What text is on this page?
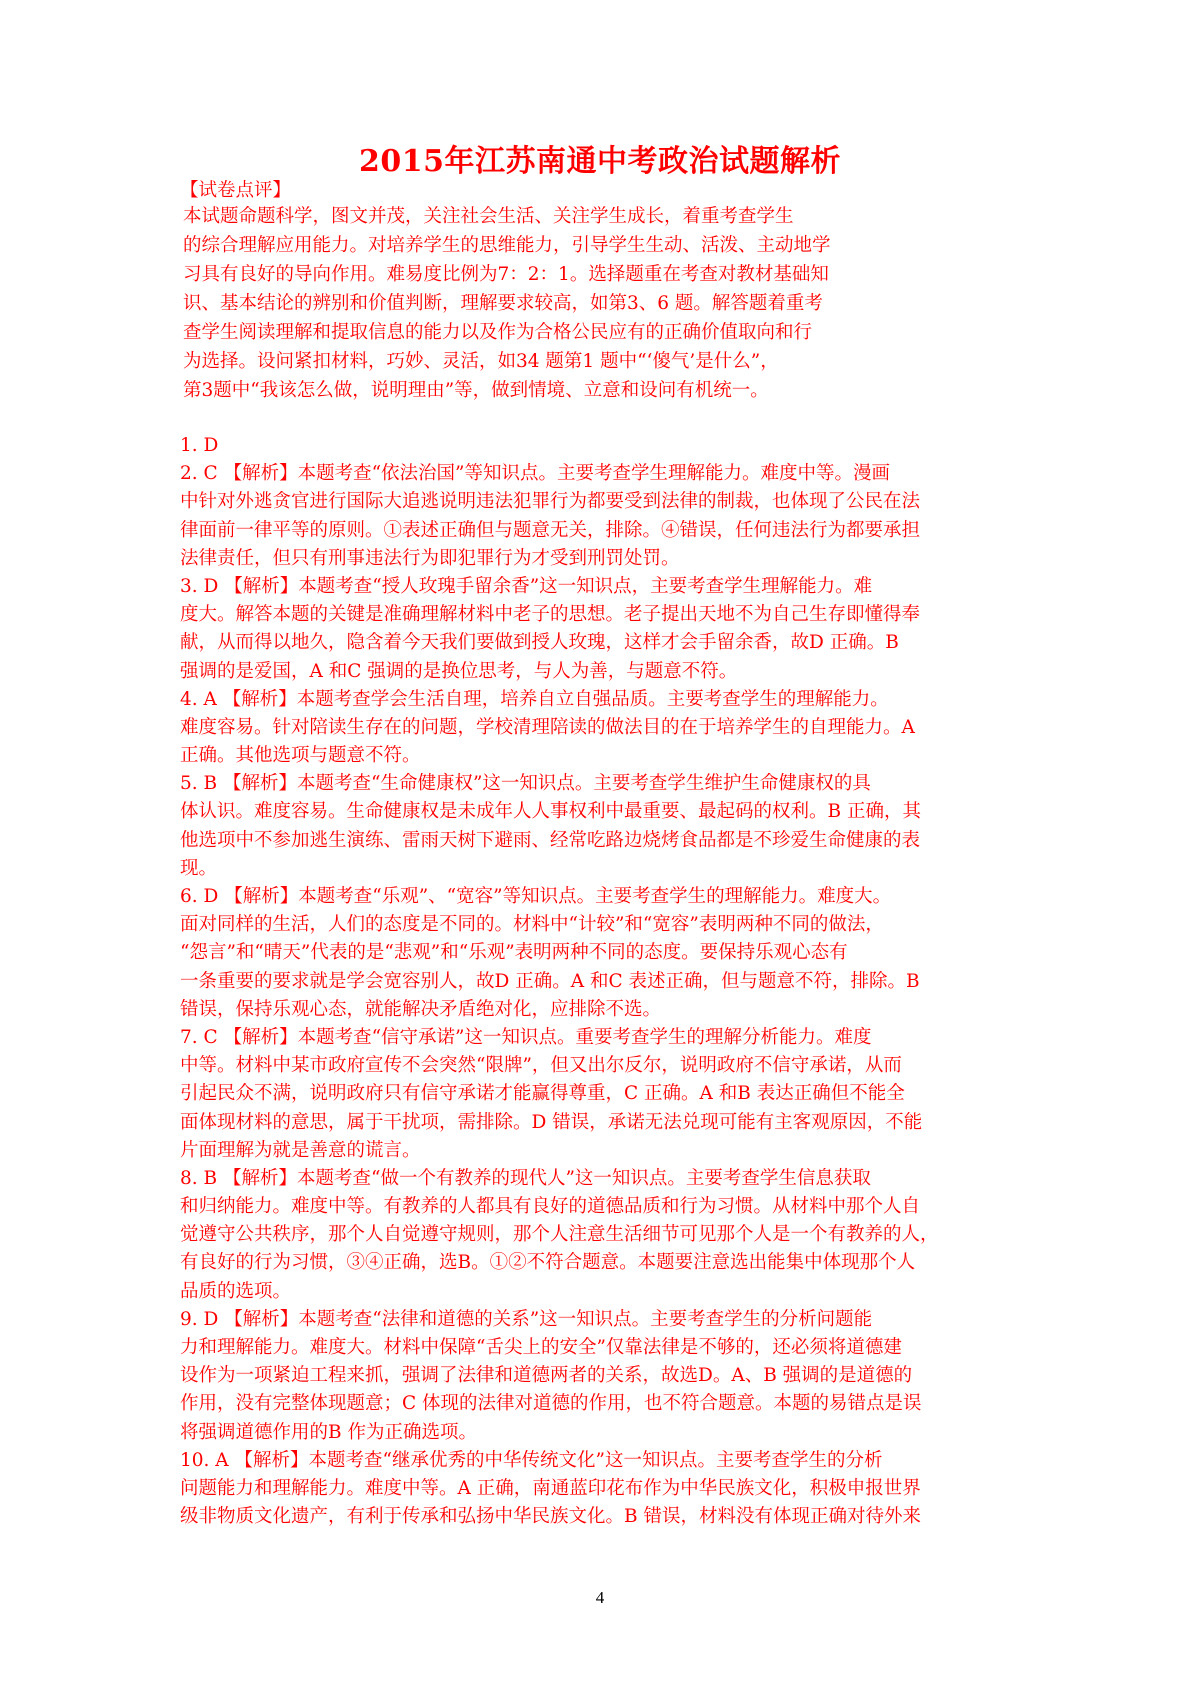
2015年江苏南通中考政治试题解析
【试卷点评】
本试题命题科学，图文并茂，关注社会生活、关注学生成长，着重考查学生
的综合理解应用能力。对培养学生的思维能力，引导学生生动、活泼、主动地学
习具有良好的导向作用。难易度比例为7：2：1。选择题重在考查对教材基础知
识、基本结论的辨别和价值判断，理解要求较高，如第3、6 题。解答题着重考
查学生阅读理解和提取信息的能力以及作为合格公民应有的正确价值取向和行
为选择。设问紧扣材料，巧妙、灵活，如34 题第1 题中“‘傻气’是什么”，
第3题中“我该怎么做，说明理由”等，做到情境、立意和设问有机统一。
1. D
2. C 【解析】本题考查“依法治国”等知识点。主要考查学生理解能力。难度中等。漫画
中针对外逃贪官进行国际大追逃说明违法犯罪行为都要受到法律的制裁，也体现了公民在法
律面前一律平等的原则。①表述正确但与题意无关，排除。④错误，任何违法行为都要承担
法律责任，但只有刑事违法行为即犯罪行为才受到刑罚处罚。
3. D 【解析】本题考查“授人玫瑰手留余香”这一知识点，主要考查学生理解能力。难
度大。解答本题的关键是准确理解材料中老子的思想。老子提出天地不为自己生存即懂得奉
献，从而得以地久，隐含着今天我们要做到授人玫瑰，这样才会手留余香，故D 正确。B
强调的是爱国，A 和C 强调的是换位思考，与人为善，与题意不符。
4. A 【解析】本题考查学会生活自理，培养自立自强品质。主要考查学生的理解能力。
难度容易。针对陪读生存在的问题，学校清理陪读的做法目的在于培养学生的自理能力。A
正确。其他选项与题意不符。
5. B 【解析】本题考查“生命健康权”这一知识点。主要考查学生维护生命健康权的具
体认识。难度容易。生命健康权是未成年人人事权利中最重要、最起码的权利。B 正确，其
他选项中不参加逃生演练、雷雨天树下避雨、经常吃路边烧烤食品都是不珍爱生命健康的表
现。
6. D 【解析】本题考查“乐观”、“宽容”等知识点。主要考查学生的理解能力。难度大。
面对同样的生活，人们的态度是不同的。材料中“计较”和“宽容”表明两种不同的做法，
“怨言”和“晴天”代表的是“悲观”和“乐观”表明两种不同的态度。要保持乐观心态有
一条重要的要求就是学会宽容别人，故D 正确。A 和C 表述正确，但与题意不符，排除。B
错误，保持乐观心态，就能解决矛盾绝对化，应排除不选。
7. C 【解析】本题考查“信守承诺”这一知识点。重要考查学生的理解分析能力。难度
中等。材料中某市政府宣传不会突然“限牌”，但又出尔反尔，说明政府不信守承诺，从而
引起民众不满，说明政府只有信守承诺才能赢得尊重，C 正确。A 和B 表达正确但不能全
面体现材料的意思，属于干扰项，需排除。D 错误，承诺无法兑现可能有主客观原因，不能
片面理解为就是善意的谎言。
8. B 【解析】本题考查“做一个有教养的现代人”这一知识点。主要考查学生信息获取
和归纳能力。难度中等。有教养的人都具有良好的道德品质和行为习惯。从材料中那个人自
觉遵守公共秩序，那个人自觉遵守规则，那个人注意生活细节可见那个人是一个有教养的人，
有良好的行为习惯，③④正确，选B。①②不符合题意。本题要注意选出能集中体现那个人
品质的选项。
9. D 【解析】本题考查“法律和道德的关系”这一知识点。主要考查学生的分析问题能
力和理解能力。难度大。材料中保障“舌尖上的安全”仅靠法律是不够的，还必须将道德建
设作为一项紧迫工程来抓，强调了法律和道德两者的关系，故选D。A、B 强调的是道德的
作用，没有完整体现题意；C 体现的法律对道德的作用，也不符合题意。本题的易错点是误
将强调道德作用的B 作为正确选项。
10. A 【解析】本题考查“继承优秀的中华传统文化”这一知识点。主要考查学生的分析
问题能力和理解能力。难度中等。A 正确，南通蓝印花布作为中华民族文化，积极申报世界
级非物质文化遗产，有利于传承和弘扬中华民族文化。B 错误，材料没有体现正确对待外来
4
